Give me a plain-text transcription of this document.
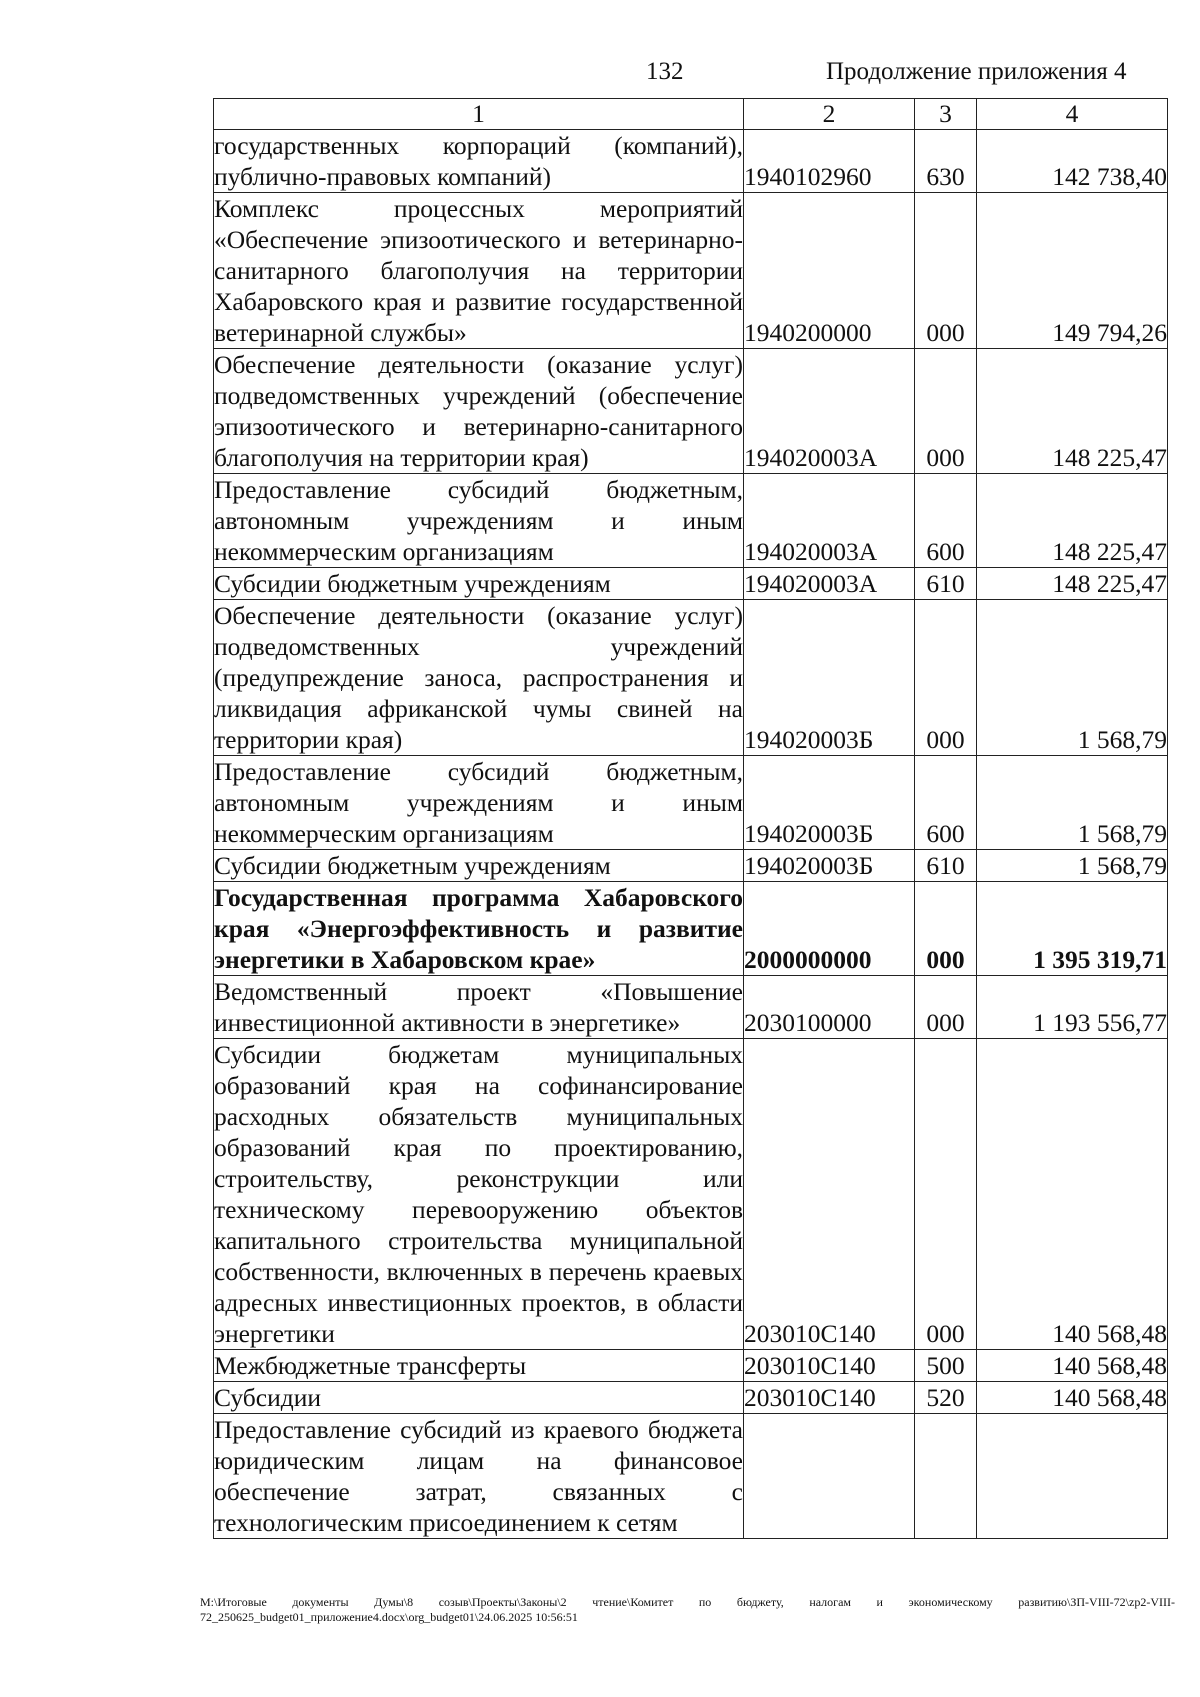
132	Продолжение приложения 4
1	2	3	4

государственных корпораций (компаний), публично-правовых компаний)	1940102960	630	142 738,40

Комплекс процессных мероприятий «Обеспечение эпизоотического и ветеринарно-санитарного благополучия на территории Хабаровского края и развитие государственной ветеринарной службы»	1940200000	000	149 794,26

Обеспечение деятельности (оказание услуг) подведомственных учреждений (обеспечение эпизоотического и ветеринарно-санитарного благополучия на территории края)	194020003А	000	148 225,47

Предоставление субсидий бюджетным, автономным учреждениям и иным некоммерческим организациям	194020003А	600	148 225,47

Субсидии бюджетным учреждениям	194020003А	610	148 225,47

Обеспечение деятельности (оказание услуг) подведомственных учреждений (предупреждение заноса, распространения и ликвидация африканской чумы свиней на территории края)	194020003Б	000	1 568,79

Предоставление субсидий бюджетным, автономным учреждениям и иным некоммерческим организациям	194020003Б	600	1 568,79

Субсидии бюджетным учреждениям	194020003Б	610	1 568,79

Государственная программа Хабаровского края «Энергоэффективность и развитие энергетики в Хабаровском крае»	2000000000	000	1 395 319,71

Ведомственный проект «Повышение инвестиционной активности в энергетике»	2030100000	000	1 193 556,77

Субсидии бюджетам муниципальных образований края на софинансирование расходных обязательств муниципальных образований края по проектированию, строительству, реконструкции или техническому перевооружению объектов капитального строительства муниципальной собственности, включенных в перечень краевых адресных инвестиционных проектов, в области энергетики	203010С140	000	140 568,48

Межбюджетные трансферты	203010С140	500	140 568,48

Субсидии	203010С140	520	140 568,48

Предоставление субсидий из краевого бюджета юридическим лицам на финансовое обеспечение затрат, связанных с технологическим присоединением к сетям			

М:\Итоговые документы Думы\8 созыв\Проекты\Законы\2 чтение\Комитет по бюджету, налогам и экономическому развитию\ЗП-VIII-72\zp2-VIII-72_250625_budget01_приложение4.docx\org_budget01\24.06.2025 10:56:51
